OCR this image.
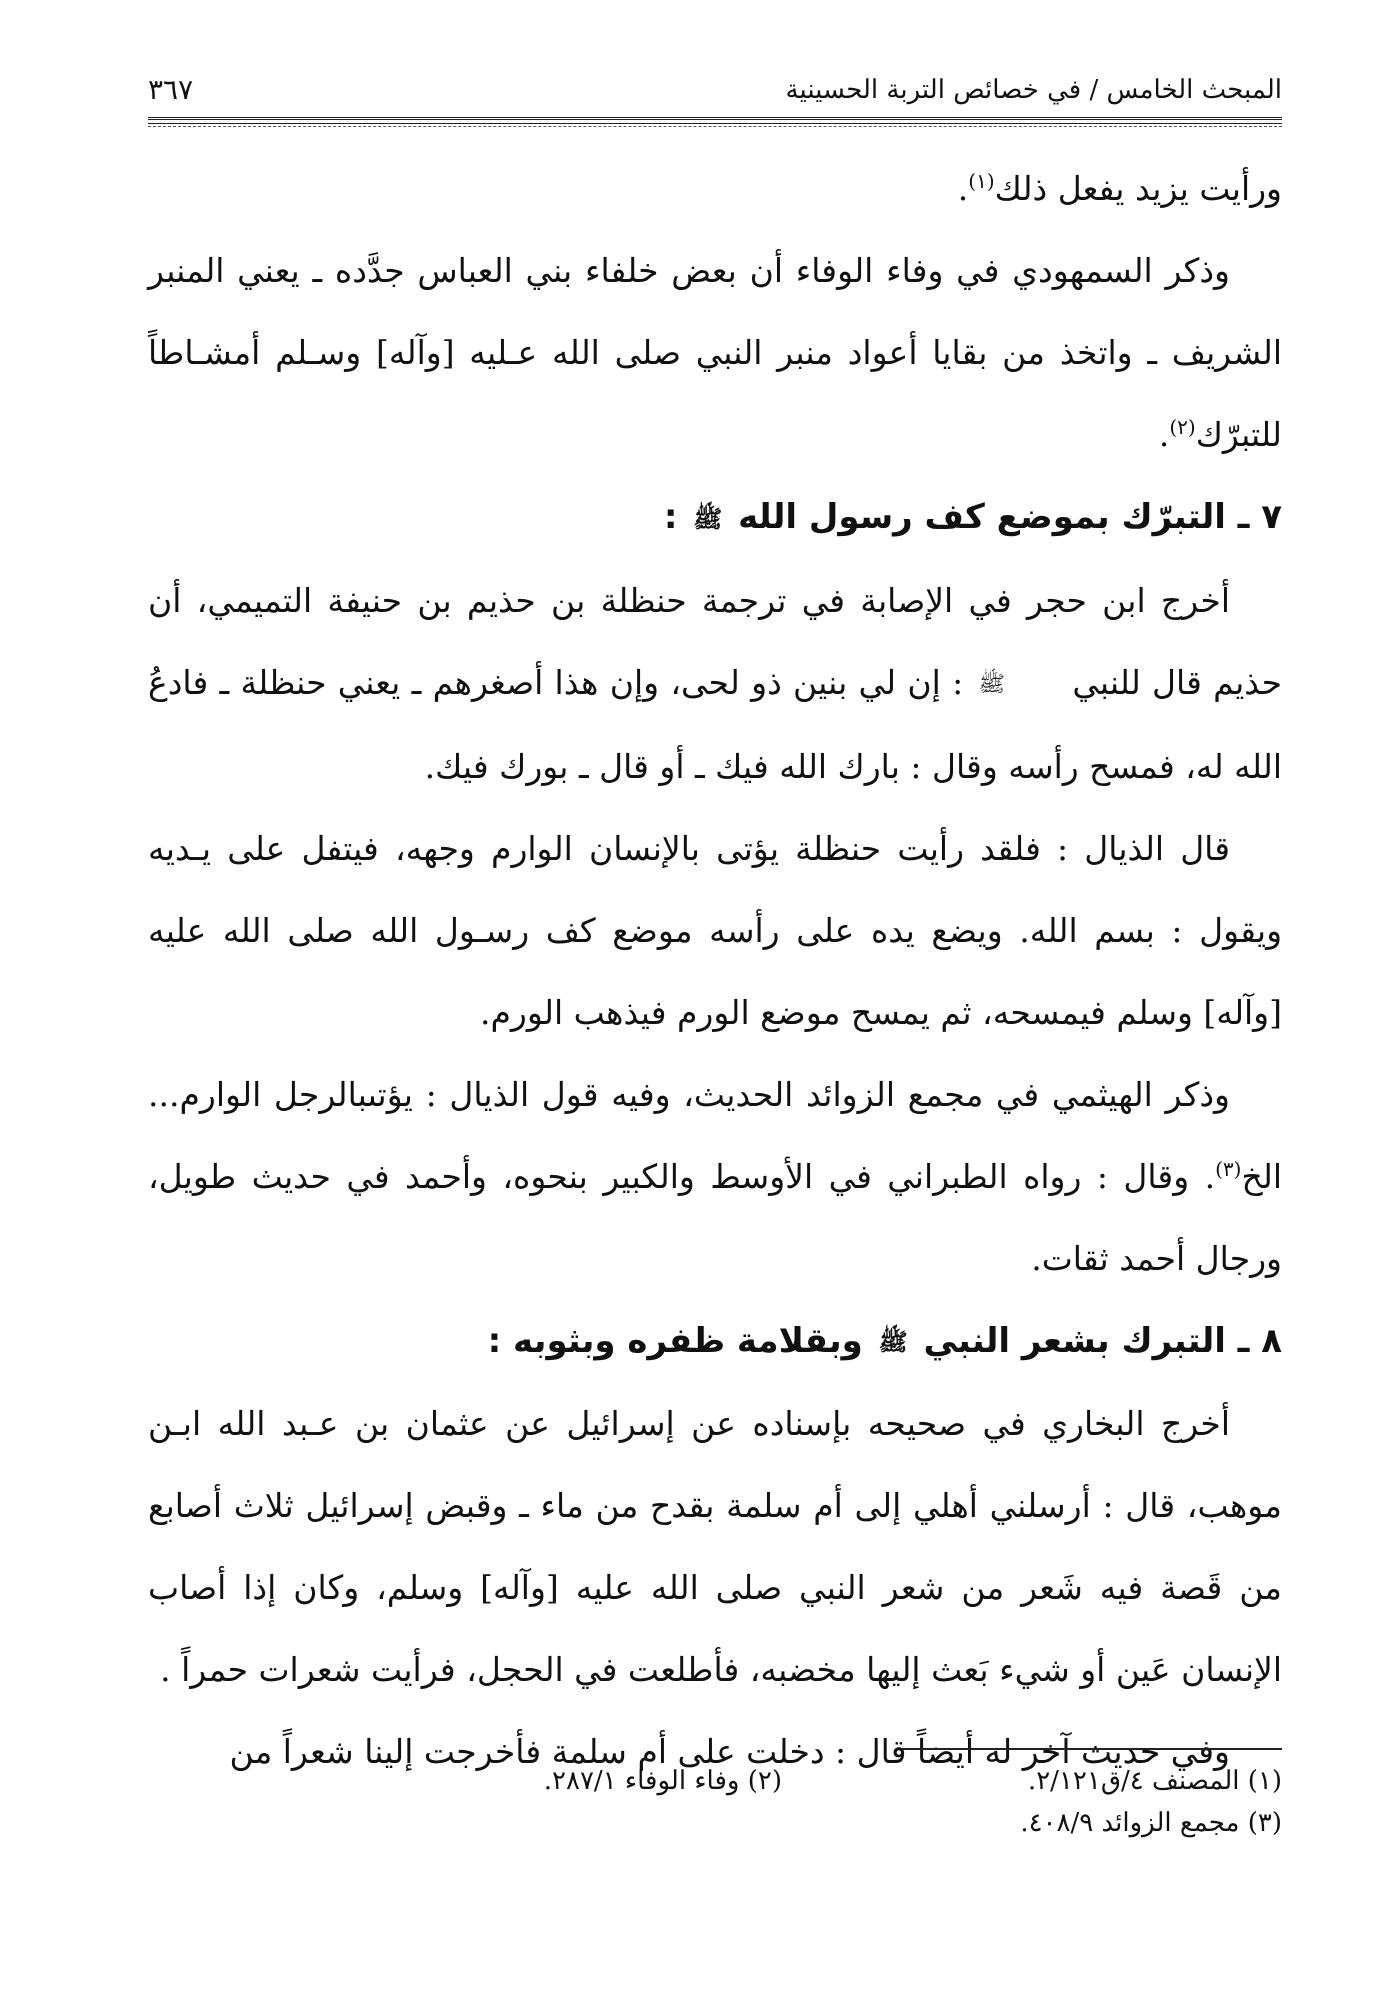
المبحث الخامس / في خصائص التربة الحسينية
٣٦٧

ورأيت يزيد يفعل ذلك$^{(١)}$.

وذكر السمهودي في وفاء الوفاء أن بعض خلفاء بني العباس جدَّده ـ يعني المنبر الشريف ـ واتخذ من بقايا أعواد منبر النبي صلى الله عـليه [وآله] وسـلم أمشـاطاً للتبرّك$^{(٢)}$.

٧ ـ التبرّك بموضع كف رسول الله ﷺ :

أخرج ابن حجر في الإصابة في ترجمة حنظلة بن حذيم بن حنيفة التميمي، أن حذيم قال للنبي ﷺ : إن لي بنين ذو لحى، وإن هذا أصغرهم ـ يعني حنظلة ـ فادعُ الله له، فمسح رأسه وقال : بارك الله فيك ـ أو قال ـ بورك فيك.

قال الذيال : فلقد رأيت حنظلة يؤتى بالإنسان الوارم وجهه، فيتفل على يـديه ويقول : بسم الله. ويضع يده على رأسه موضع كف رسـول الله صلى الله عليه [وآله] وسلم فيمسحه، ثم يمسح موضع الورم فيذهب الورم.

وذكر الهيثمي في مجمع الزوائد الحديث، وفيه قول الذيال : يؤتىبالرجل الوارم... الخ$^{(٣)}$. وقال : رواه الطبراني في الأوسط والكبير بنحوه، وأحمد في حديث طويل، ورجال أحمد ثقات.

٨ ـ التبرك بشعر النبي ﷺ وبقلامة ظفره وبثوبه :

أخرج البخاري في صحيحه بإسناده عن إسرائيل عن عثمان بن عـبد الله ابـن موهب، قال : أرسلني أهلي إلى أم سلمة بقدح من ماء ـ وقبض إسرائيل ثلاث أصابع من قَصة فيه شَعر من شعر النبي صلى الله عليه [وآله] وسلم، وكان إذا أصاب الإنسان عَين أو شيء بَعث إليها مخضبه، فأطلعت في الحجل، فرأيت شعرات حمراً .

وفي حديث آخر له أيضاً قال : دخلت على أم سلمة فأخرجت إلينا شعراً من

(١) المصنف ٤/ق٢/١٢١.
(٢) وفاء الوفاء ٢٨٧/١.
(٣) مجمع الزوائد ٤٠٨/٩.
